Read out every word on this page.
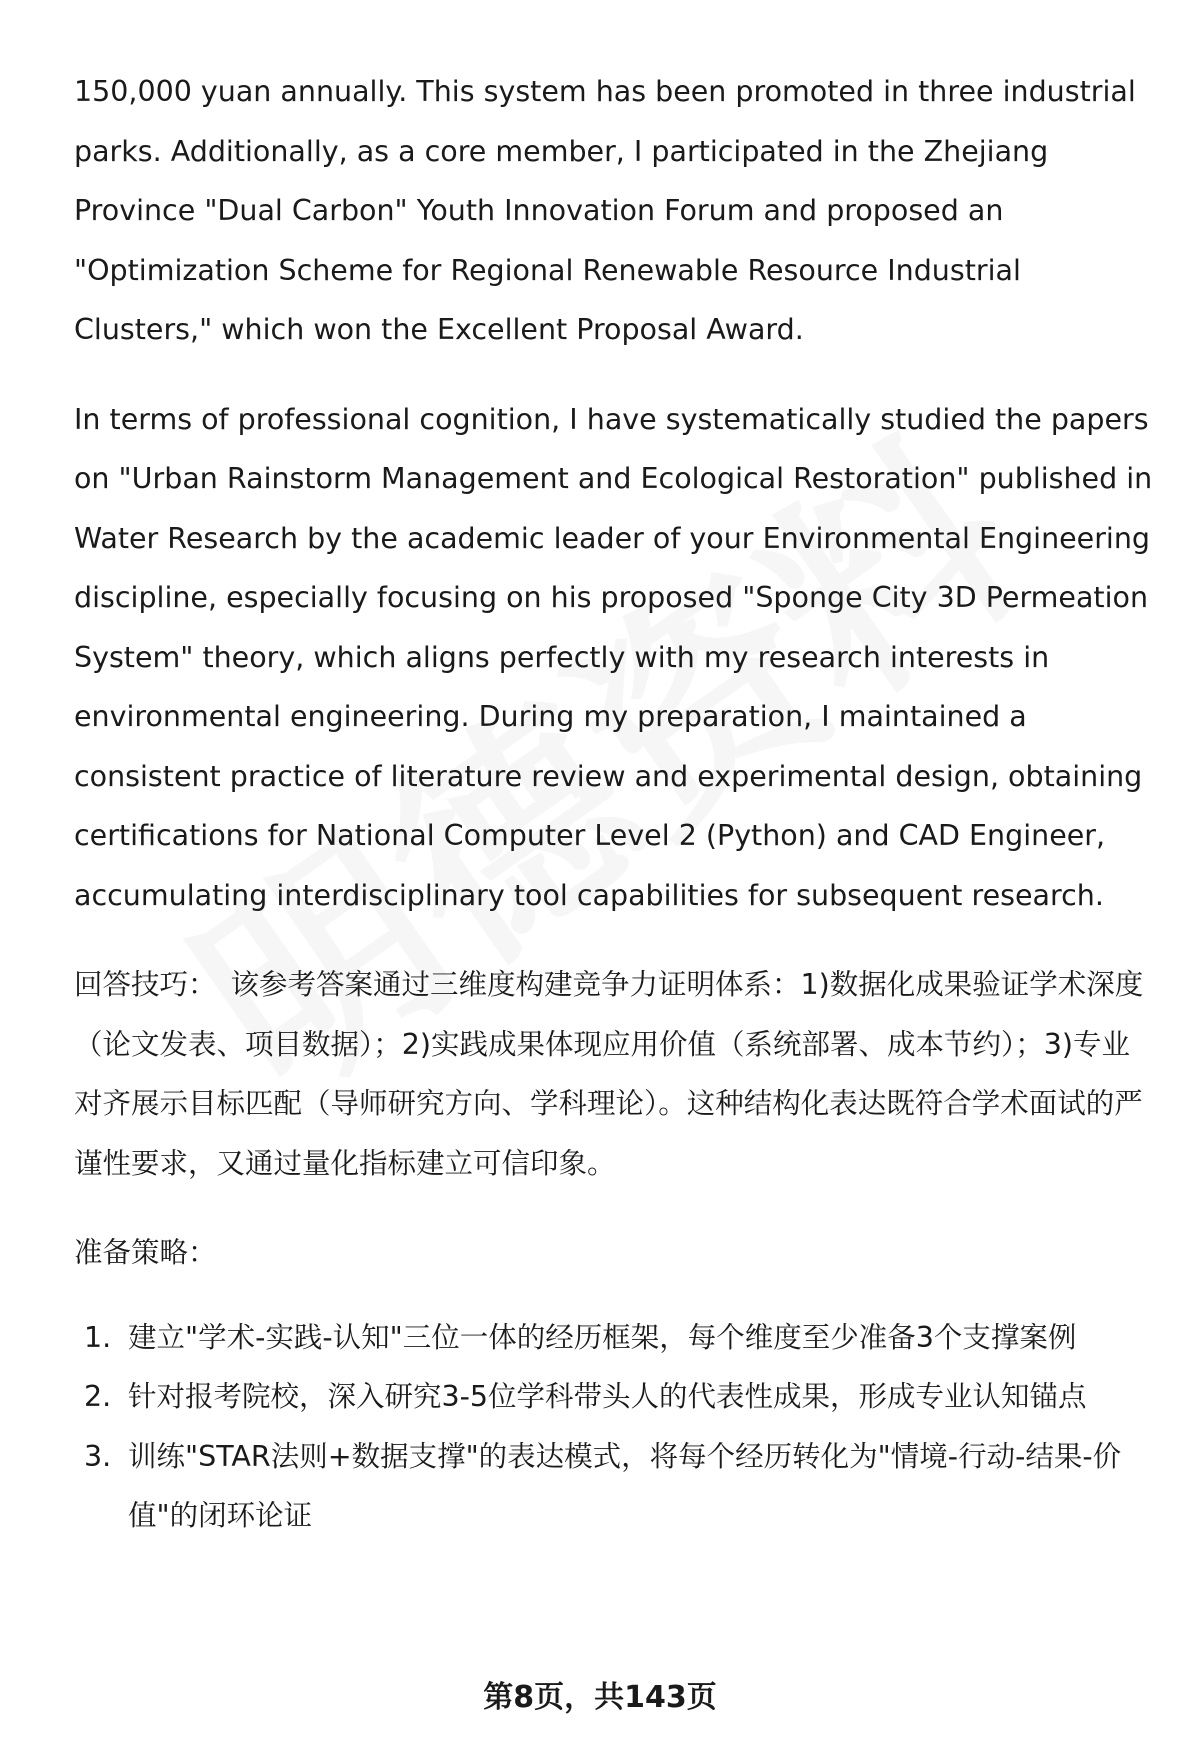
150,000 yuan annually. This system has been promoted in three industrial parks. Additionally, as a core member, I participated in the Zhejiang Province "Dual Carbon" Youth Innovation Forum and proposed an "Optimization Scheme for Regional Renewable Resource Industrial Clusters," which won the Excellent Proposal Award.

In terms of professional cognition, I have systematically studied the papers on "Urban Rainstorm Management and Ecological Restoration" published in Water Research by the academic leader of your Environmental Engineering discipline, especially focusing on his proposed "Sponge City 3D Permeation System" theory, which aligns perfectly with my research interests in environmental engineering. During my preparation, I maintained a consistent practice of literature review and experimental design, obtaining certifications for National Computer Level 2 (Python) and CAD Engineer, accumulating interdisciplinary tool capabilities for subsequent research.

回答技巧： 该参考答案通过三维度构建竞争力证明体系：1)数据化成果验证学术深度（论文发表、项目数据）；2)实践成果体现应用价值（系统部署、成本节约）；3)专业对齐展示目标匹配（导师研究方向、学科理论）。这种结构化表达既符合学术面试的严谨性要求，又通过量化指标建立可信印象。

准备策略：

1. 建立"学术-实践-认知"三位一体的经历框架，每个维度至少准备3个支撑案例
2. 针对报考院校，深入研究3-5位学科带头人的代表性成果，形成专业认知锚点
3. 训练"STAR法则+数据支撑"的表达模式，将每个经历转化为"情境-行动-结果-价值"的闭环论证
第8页，共143页
